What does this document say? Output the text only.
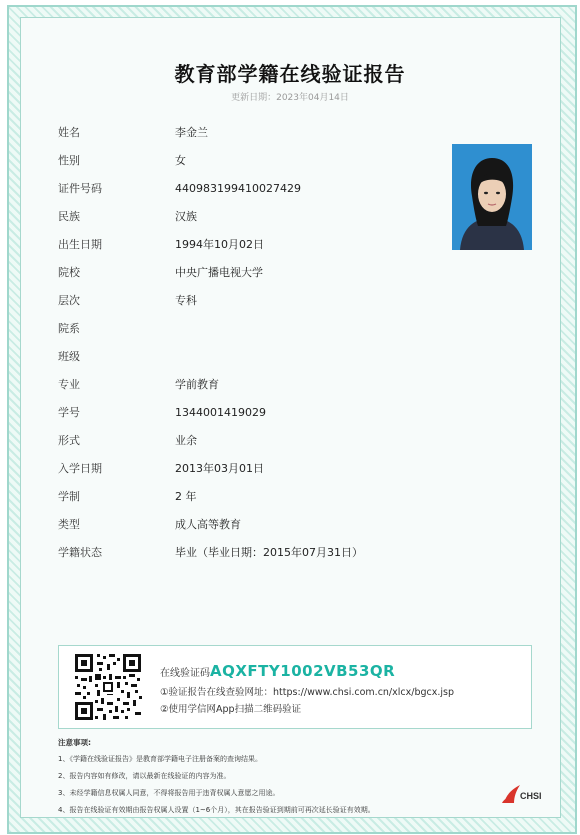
教育部学籍在线验证报告
更新日期：2023年04月14日
姓名	李金兰
性别	女
证件号码	440983199410027429
民族	汉族
出生日期	1994年10月02日
院校	中央广播电视大学
层次	专科
院系
班级
专业	学前教育
学号	1344001419029
形式	业余
入学日期	2013年03月01日
学制	2 年
类型	成人高等教育
学籍状态	毕业（毕业日期：2015年07月31日）
在线验证码AQXFTY1002VB53QR
①验证报告在线查验网址：https://www.chsi.com.cn/xlcx/bgcx.jsp
②使用学信网App扫描二维码验证
注意事项:
1、《学籍在线验证报告》是教育部学籍电子注册备案的查询结果。
2、报告内容如有修改，请以最新在线验证的内容为准。
3、未经学籍信息权属人同意，不得将报告用于违背权属人意愿之用途。
4、报告在线验证有效期由报告权属人设置（1~6个月），其在报告验证到期前可再次延长验证有效期。
CHSI
